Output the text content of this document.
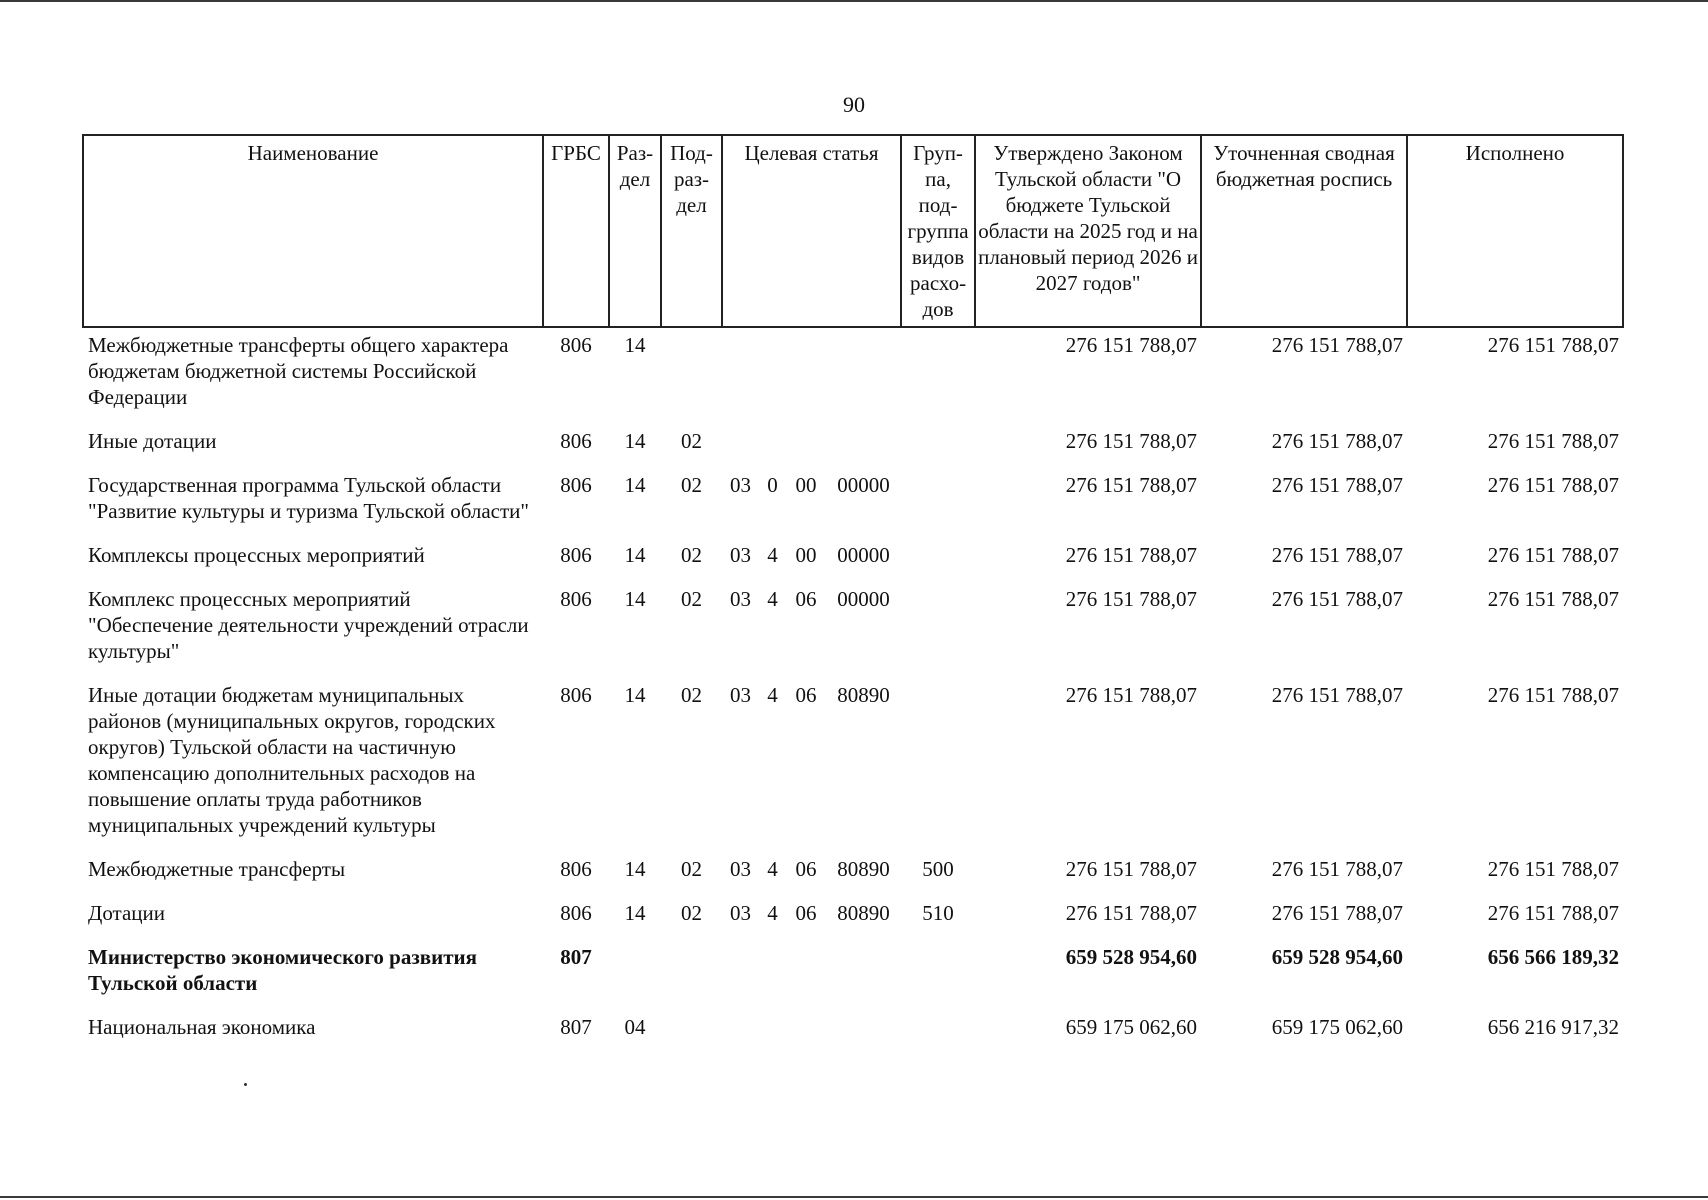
90
Наименование	ГРБС	Раз-дел	Под-раз-дел	Целевая статья				Груп-па, под-группа видов расхо-дов	Утверждено Законом Тульской области "О бюджете Тульской области на 2025 год и на плановый период 2026 и 2027 годов"	Уточненная сводная бюджетная роспись	Исполнено
Межбюджетные трансферты общего характера бюджетам бюджетной системы Российской Федерации	806	14							276 151 788,07	276 151 788,07	276 151 788,07
Иные дотации	806	14	02						276 151 788,07	276 151 788,07	276 151 788,07
Государственная программа Тульской области "Развитие культуры и туризма Тульской области"	806	14	02	03	0	00	00000		276 151 788,07	276 151 788,07	276 151 788,07
Комплексы процессных мероприятий	806	14	02	03	4	00	00000		276 151 788,07	276 151 788,07	276 151 788,07
Комплекс процессных мероприятий "Обеспечение деятельности учреждений отрасли культуры"	806	14	02	03	4	06	00000		276 151 788,07	276 151 788,07	276 151 788,07
Иные дотации бюджетам муниципальных районов (муниципальных округов, городских округов) Тульской области на частичную компенсацию дополнительных расходов на повышение оплаты труда работников муниципальных учреждений культуры	806	14	02	03	4	06	80890		276 151 788,07	276 151 788,07	276 151 788,07
Межбюджетные трансферты	806	14	02	03	4	06	80890	500	276 151 788,07	276 151 788,07	276 151 788,07
Дотации	806	14	02	03	4	06	80890	510	276 151 788,07	276 151 788,07	276 151 788,07
Министерство экономического развития Тульской области	807								659 528 954,60	659 528 954,60	656 566 189,32
Национальная экономика	807	04							659 175 062,60	659 175 062,60	656 216 917,32
